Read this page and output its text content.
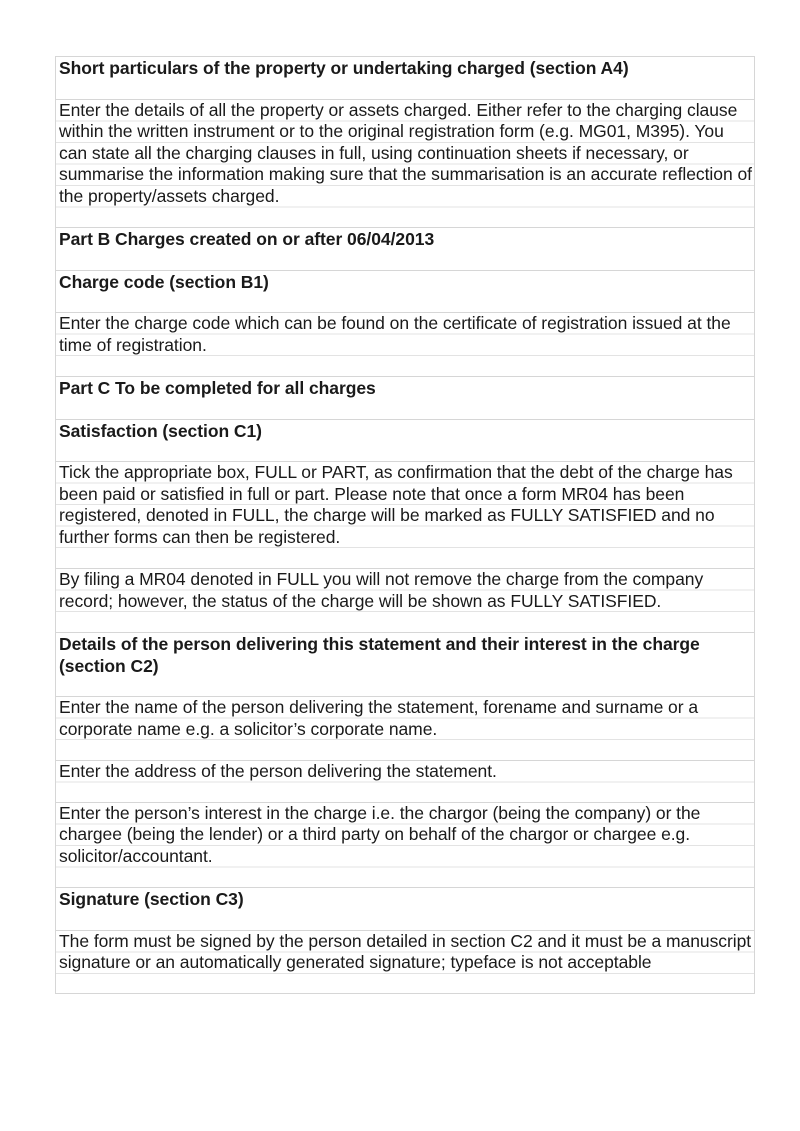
Short particulars of the property or undertaking charged (section A4)
Enter the details of all the property or assets charged. Either refer to the charging clause within the written instrument or to the original registration form (e.g. MG01, M395). You can state all the charging clauses in full, using continuation sheets if necessary, or summarise the information making sure that the summarisation is an accurate reflection of the property/assets charged.
Part B Charges created on or after 06/04/2013
Charge code (section B1)
Enter the charge code which can be found on the certificate of registration issued at the time of registration.
Part C To be completed for all charges
Satisfaction (section C1)
Tick the appropriate box, FULL or PART, as confirmation that the debt of the charge has been paid or satisfied in full or part. Please note that once a form MR04 has been registered, denoted in FULL, the charge will be marked as FULLY SATISFIED and no further forms can then be registered.
By filing a MR04 denoted in FULL you will not remove the charge from the company record; however, the status of the charge will be shown as FULLY SATISFIED.
Details of the person delivering this statement and their interest in the charge (section C2)
Enter the name of the person delivering the statement, forename and surname or a corporate name e.g. a solicitor’s corporate name.
Enter the address of the person delivering the statement.
Enter the person’s interest in the charge i.e. the chargor (being the company) or the chargee (being the lender) or a third party on behalf of the chargor or chargee e.g. solicitor/accountant.
Signature (section C3)
The form must be signed by the person detailed in section C2 and it must be a manuscript signature or an automatically generated signature; typeface is not acceptable
